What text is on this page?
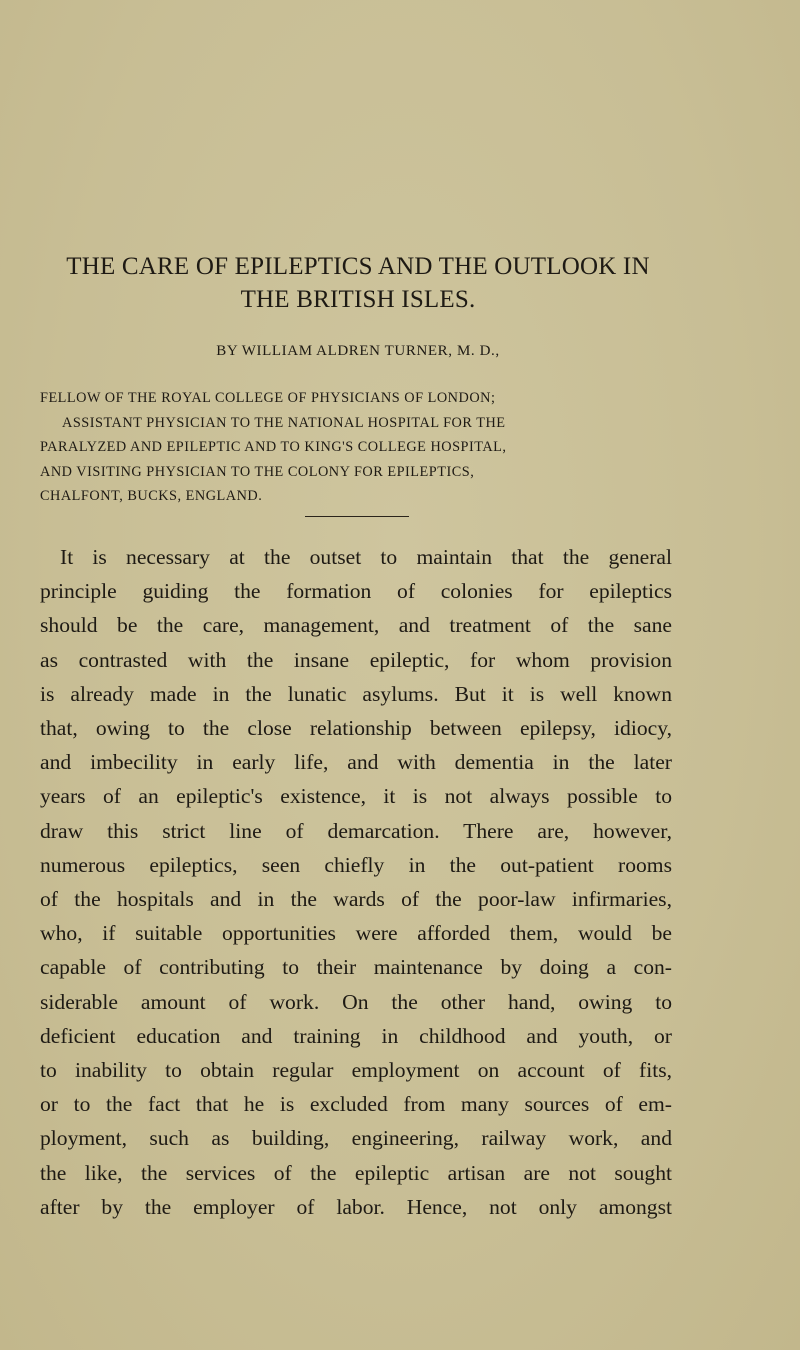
THE CARE OF EPILEPTICS AND THE OUTLOOK IN
THE BRITISH ISLES.

BY WILLIAM ALDREN TURNER, M. D.,

FELLOW OF THE ROYAL COLLEGE OF PHYSICIANS OF LONDON;
ASSISTANT PHYSICIAN TO THE NATIONAL HOSPITAL FOR THE
PARALYZED AND EPILEPTIC AND TO KING'S COLLEGE HOSPITAL,
AND VISITING PHYSICIAN TO THE COLONY FOR EPILEPTICS,
CHALFONT, BUCKS, ENGLAND.

It is necessary at the outset to maintain that the general
principle guiding the formation of colonies for epileptics
should be the care, management, and treatment of the sane
as contrasted with the insane epileptic, for whom provision
is already made in the lunatic asylums. But it is well known
that, owing to the close relationship between epilepsy, idiocy,
and imbecility in early life, and with dementia in the later
years of an epileptic's existence, it is not always possible to
draw this strict line of demarcation. There are, however,
numerous epileptics, seen chiefly in the out-patient rooms
of the hospitals and in the wards of the poor-law infirmaries,
who, if suitable opportunities were afforded them, would be
capable of contributing to their maintenance by doing a con-
siderable amount of work. On the other hand, owing to
deficient education and training in childhood and youth, or
to inability to obtain regular employment on account of fits,
or to the fact that he is excluded from many sources of em-
ployment, such as building, engineering, railway work, and
the like, the services of the epileptic artisan are not sought
after by the employer of labor. Hence, not only amongst
